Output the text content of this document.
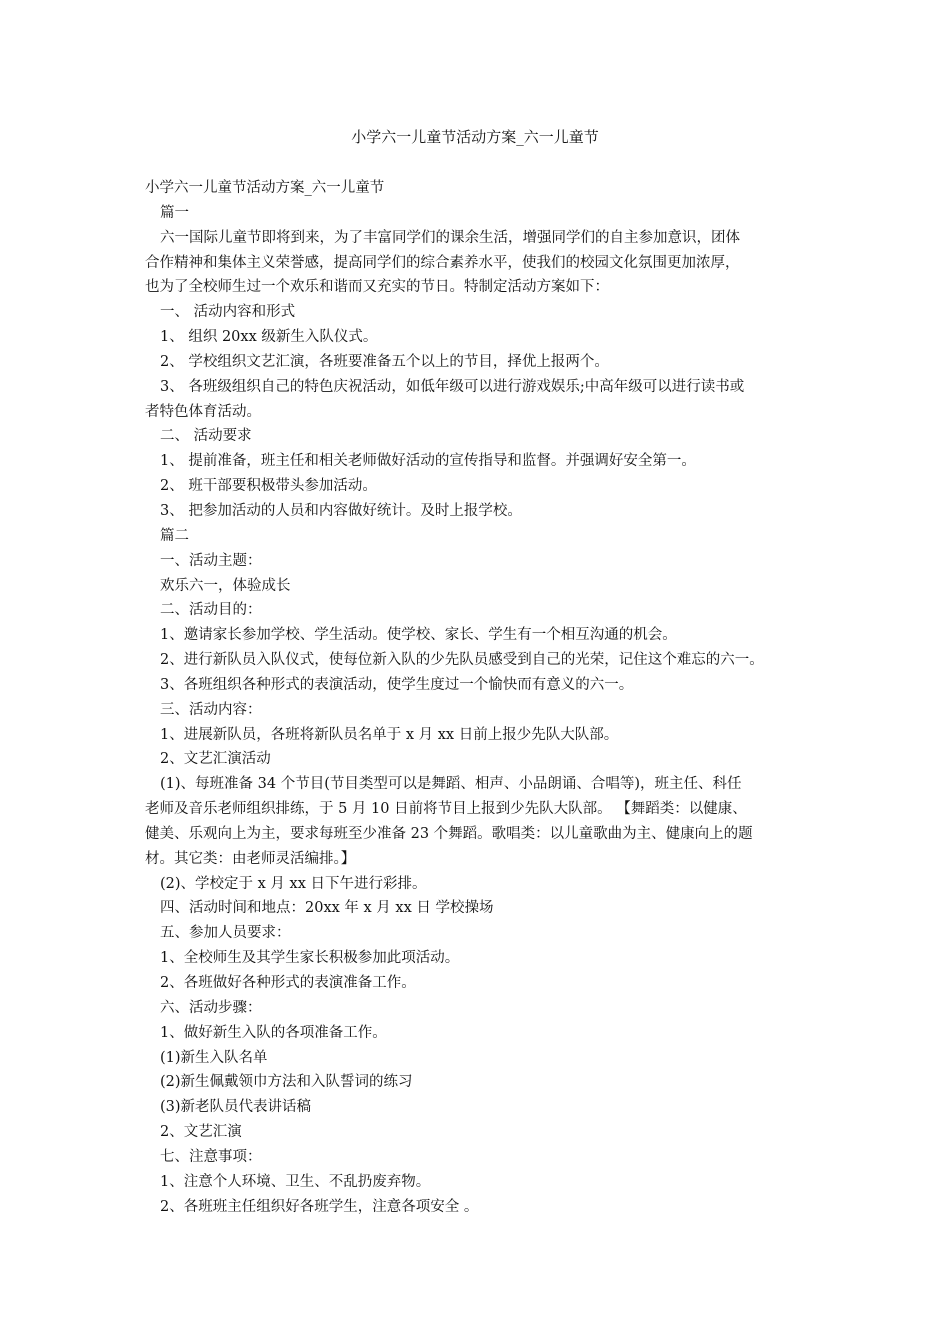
小学六一儿童节活动方案_六一儿童节
小学六一儿童节活动方案_六一儿童节
篇一
六一国际儿童节即将到来，为了丰富同学们的课余生活，增强同学们的自主参加意识，团体
合作精神和集体主义荣誉感，提高同学们的综合素养水平，使我们的校园文化氛围更加浓厚，
也为了全校师生过一个欢乐和谐而又充实的节日。特制定活动方案如下：
一、 活动内容和形式
1、 组织 20xx 级新生入队仪式。
2、 学校组织文艺汇演，各班要准备五个以上的节目，择优上报两个。
3、 各班级组织自己的特色庆祝活动，如低年级可以进行游戏娱乐;中高年级可以进行读书或
者特色体育活动。
二、 活动要求
1、 提前准备，班主任和相关老师做好活动的宣传指导和监督。并强调好安全第一。
2、 班干部要积极带头参加活动。
3、 把参加活动的人员和内容做好统计。及时上报学校。
篇二
一、活动主题：
欢乐六一，体验成长
二、活动目的：
1、邀请家长参加学校、学生活动。使学校、家长、学生有一个相互沟通的机会。
2、进行新队员入队仪式，使每位新入队的少先队员感受到自己的光荣，记住这个难忘的六一。
3、各班组织各种形式的表演活动，使学生度过一个愉快而有意义的六一。
三、活动内容：
1、进展新队员，各班将新队员名单于 x 月 xx 日前上报少先队大队部。
2、文艺汇演活动
(1)、每班准备 34 个节目(节目类型可以是舞蹈、相声、小品朗诵、合唱等)，班主任、科任
老师及音乐老师组织排练，于 5 月 10 日前将节目上报到少先队大队部。 【舞蹈类：以健康、
健美、乐观向上为主，要求每班至少准备 23 个舞蹈。歌唱类：以儿童歌曲为主、健康向上的题
材。其它类：由老师灵活编排。】
(2)、学校定于 x 月 xx 日下午进行彩排。
四、活动时间和地点：20xx 年 x 月 xx 日 学校操场
五、参加人员要求：
1、全校师生及其学生家长积极参加此项活动。
2、各班做好各种形式的表演准备工作。
六、活动步骤：
1、做好新生入队的各项准备工作。
(1)新生入队名单
(2)新生佩戴领巾方法和入队誓词的练习
(3)新老队员代表讲话稿
2、文艺汇演
七、注意事项：
1、注意个人环境、卫生、不乱扔废弃物。
2、各班班主任组织好各班学生，注意各项安全 。
